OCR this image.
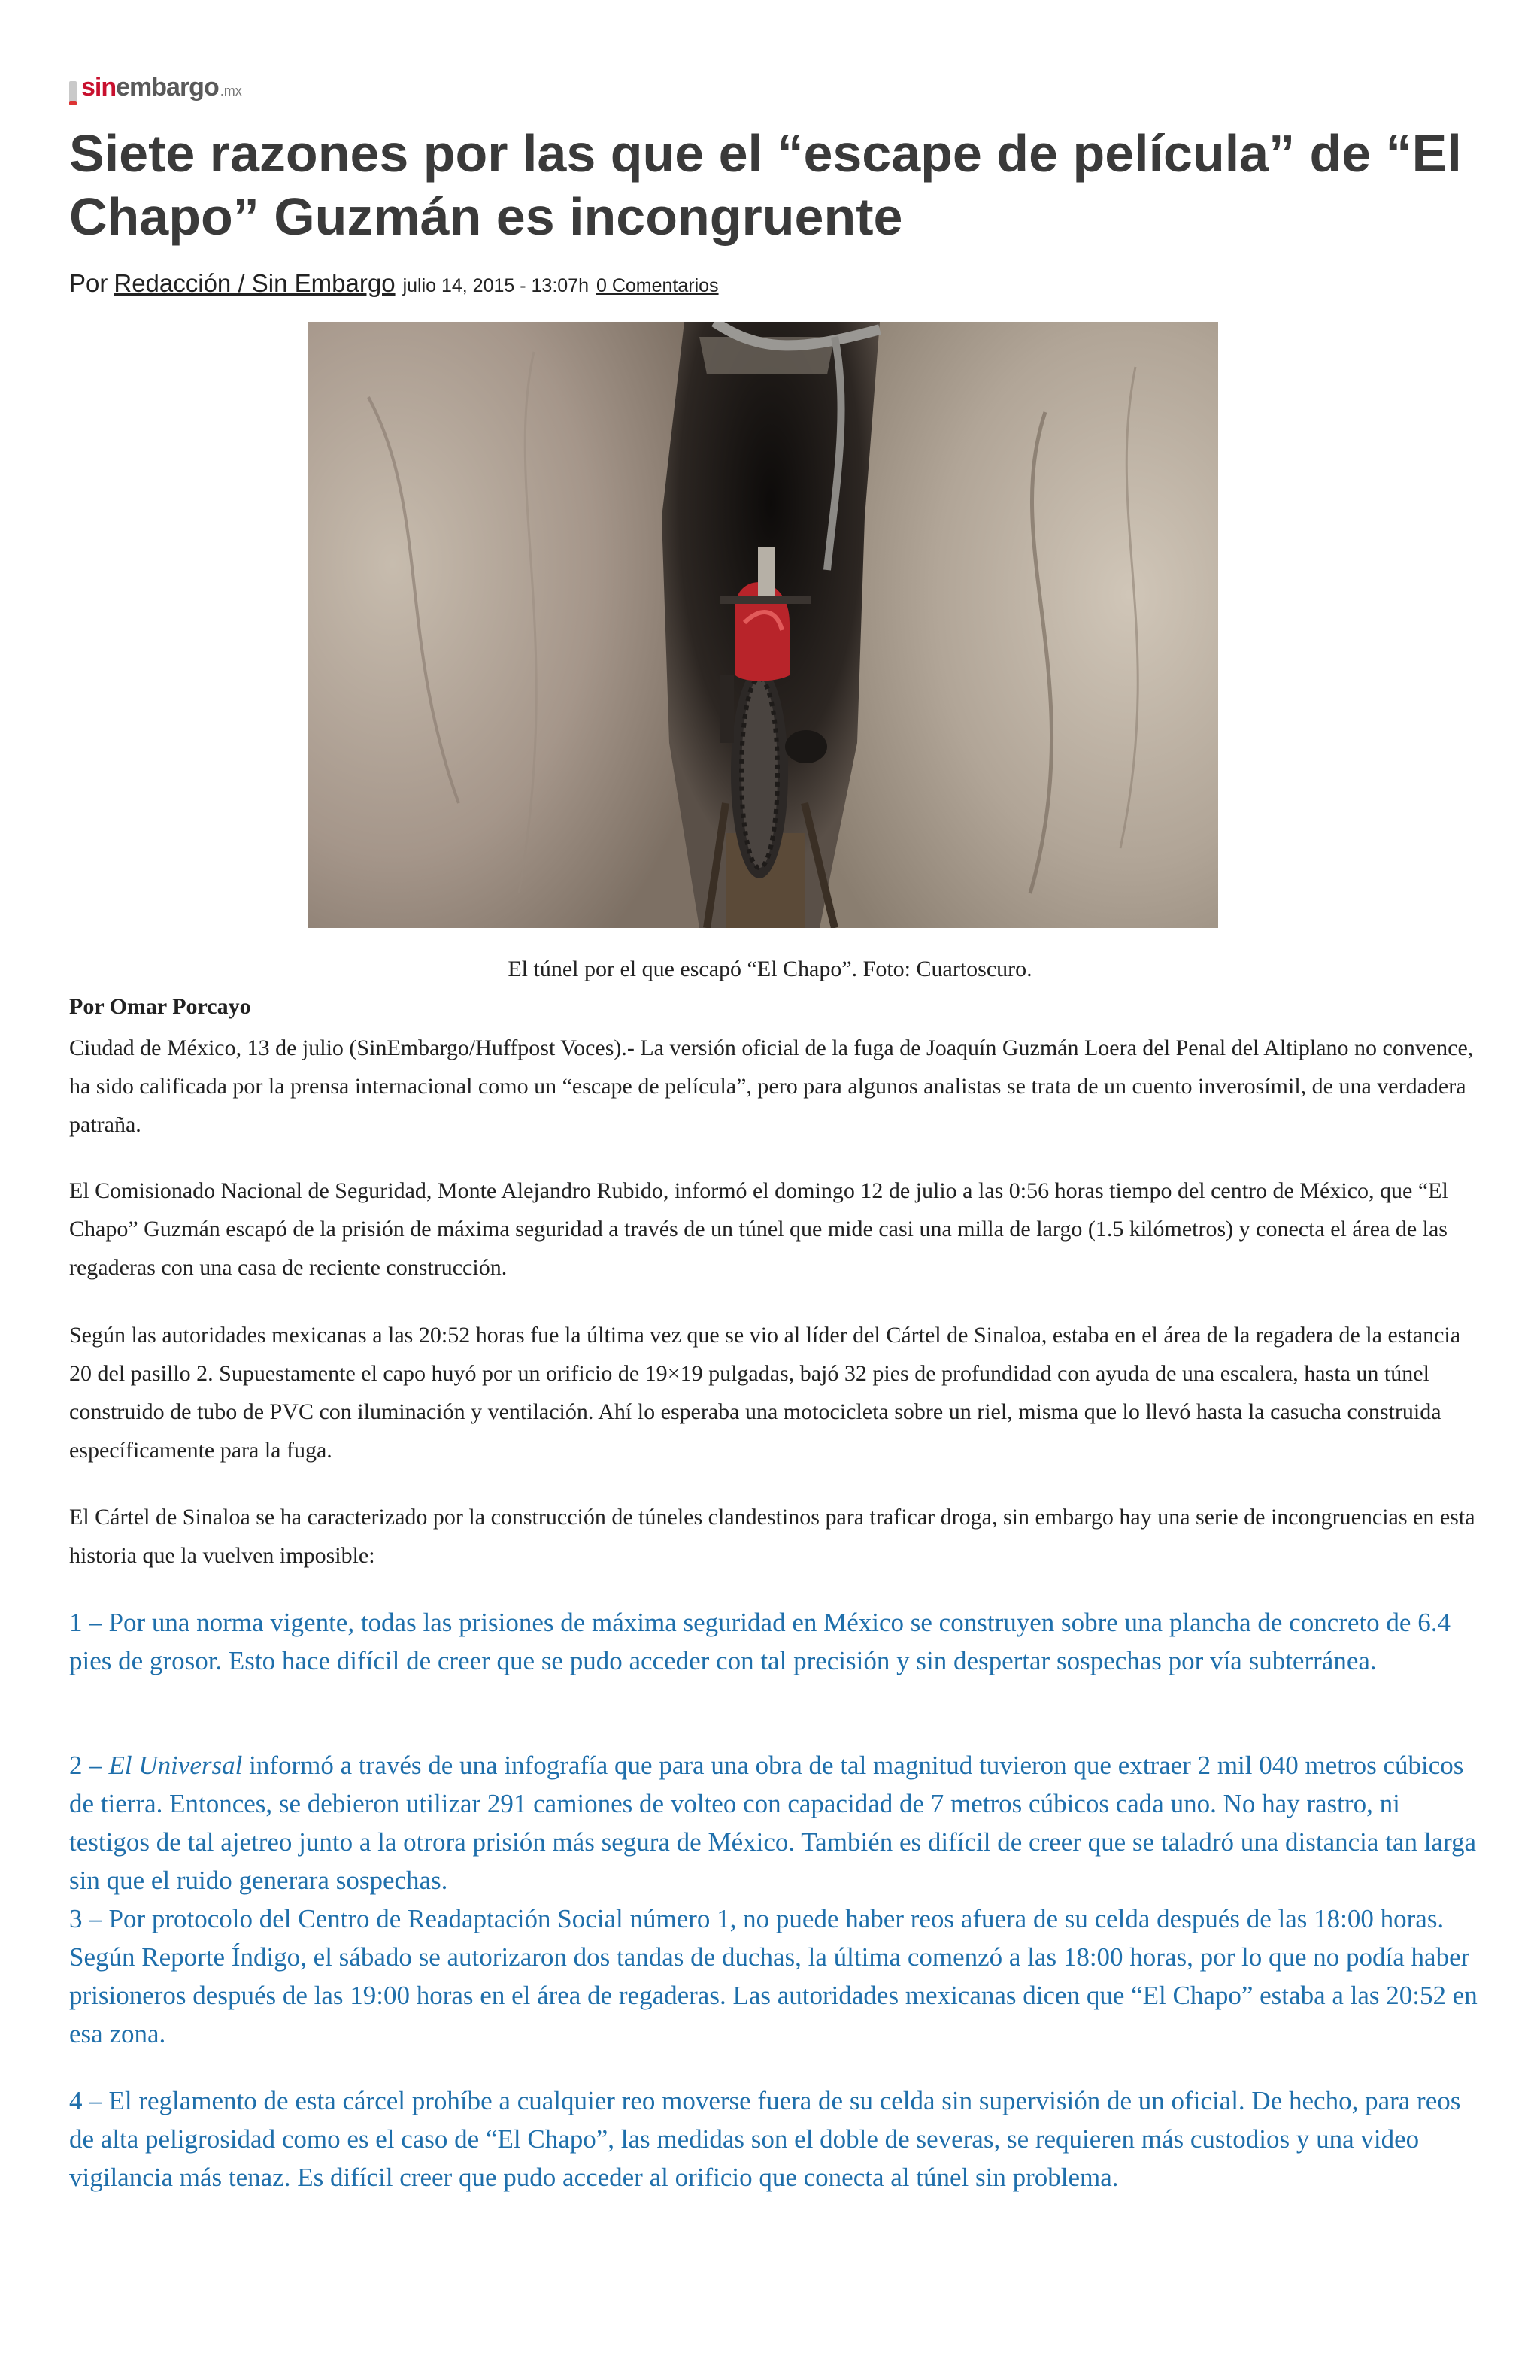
sin embargo .mx
Siete razones por las que el “escape de película” de “El Chapo” Guzmán es incongruente
Por Redacción / Sin Embargo julio 14, 2015 - 13:07h 0 Comentarios
El túnel por el que escapó “El Chapo”. Foto: Cuartoscuro.
Por Omar Porcayo

Ciudad de México, 13 de julio (SinEmbargo/Huffpost Voces).- La versión oficial de la fuga de Joaquín Guzmán Loera del Penal del Altiplano no convence, ha sido calificada por la prensa internacional como un “escape de película”, pero para algunos analistas se trata de un cuento inverosímil, de una verdadera patraña.

El Comisionado Nacional de Seguridad, Monte Alejandro Rubido, informó el domingo 12 de julio a las 0:56 horas tiempo del centro de México, que “El Chapo” Guzmán escapó de la prisión de máxima seguridad a través de un túnel que mide casi una milla de largo (1.5 kilómetros) y conecta el área de las regaderas con una casa de reciente construcción.

Según las autoridades mexicanas a las 20:52 horas fue la última vez que se vio al líder del Cártel de Sinaloa, estaba en el área de la regadera de la estancia 20 del pasillo 2. Supuestamente el capo huyó por un orificio de 19×19 pulgadas, bajó 32 pies de profundidad con ayuda de una escalera, hasta un túnel construido de tubo de PVC con iluminación y ventilación. Ahí lo esperaba una motocicleta sobre un riel, misma que lo llevó hasta la casucha construida específicamente para la fuga.

El Cártel de Sinaloa se ha caracterizado por la construcción de túneles clandestinos para traficar droga, sin embargo hay una serie de incongruencias en esta historia que la vuelven imposible:

1 – Por una norma vigente, todas las prisiones de máxima seguridad en México se construyen sobre una plancha de concreto de 6.4 pies de grosor. Esto hace difícil de creer que se pudo acceder con tal precisión y sin despertar sospechas por vía subterránea.

2 – El Universal informó a través de una infografía que para una obra de tal magnitud tuvieron que extraer 2 mil 040 metros cúbicos de tierra. Entonces, se debieron utilizar 291 camiones de volteo con capacidad de 7 metros cúbicos cada uno. No hay rastro, ni testigos de tal ajetreo junto a la otrora prisión más segura de México. También es difícil de creer que se taladró una distancia tan larga sin que el ruido generara sospechas.

3 – Por protocolo del Centro de Readaptación Social número 1, no puede haber reos afuera de su celda después de las 18:00 horas. Según Reporte Índigo, el sábado se autorizaron dos tandas de duchas, la última comenzó a las 18:00 horas, por lo que no podía haber prisioneros después de las 19:00 horas en el área de regaderas. Las autoridades mexicanas dicen que “El Chapo” estaba a las 20:52 en esa zona.

4 – El reglamento de esta cárcel prohíbe a cualquier reo moverse fuera de su celda sin supervisión de un oficial. De hecho, para reos de alta peligrosidad como es el caso de “El Chapo”, las medidas son el doble de severas, se requieren más custodios y una video vigilancia más tenaz. Es difícil creer que pudo acceder al orificio que conecta al túnel sin problema.
